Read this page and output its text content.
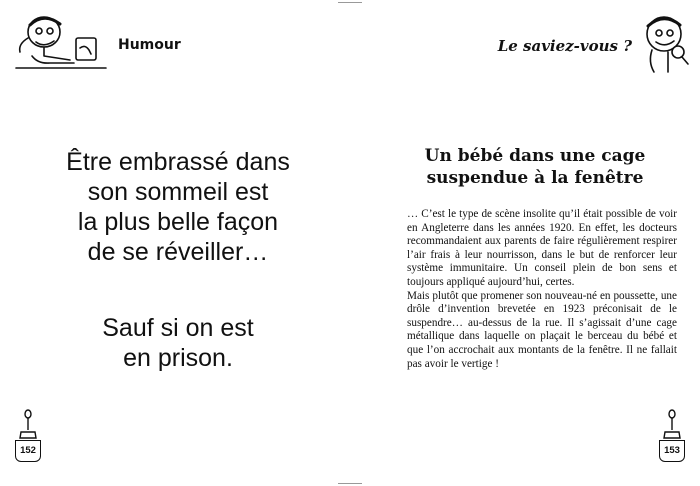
Humour
Être embrassé dans
son sommeil est
la plus belle façon
de se réveiller…
Sauf si on est
en prison.
152
Le saviez-vous ?
Un bébé dans une cage
suspendue à la fenêtre

… C’est le type de scène insolite qu’il était possible de voir en Angleterre dans les années 1920. En effet, les docteurs recommandaient aux parents de faire régulièrement respirer l’air frais à leur nourrisson, dans le but de renforcer leur système immunitaire. Un conseil plein de bon sens et toujours appliqué aujourd’hui, certes.

Mais plutôt que promener son nouveau-né en poussette, une drôle d’invention brevetée en 1923 préconisait de le suspendre… au-dessus de la rue. Il s’agissait d’une cage métallique dans laquelle on plaçait le berceau du bébé et que l’on accrochait aux montants de la fenêtre. Il ne fallait pas avoir le vertige !

153
